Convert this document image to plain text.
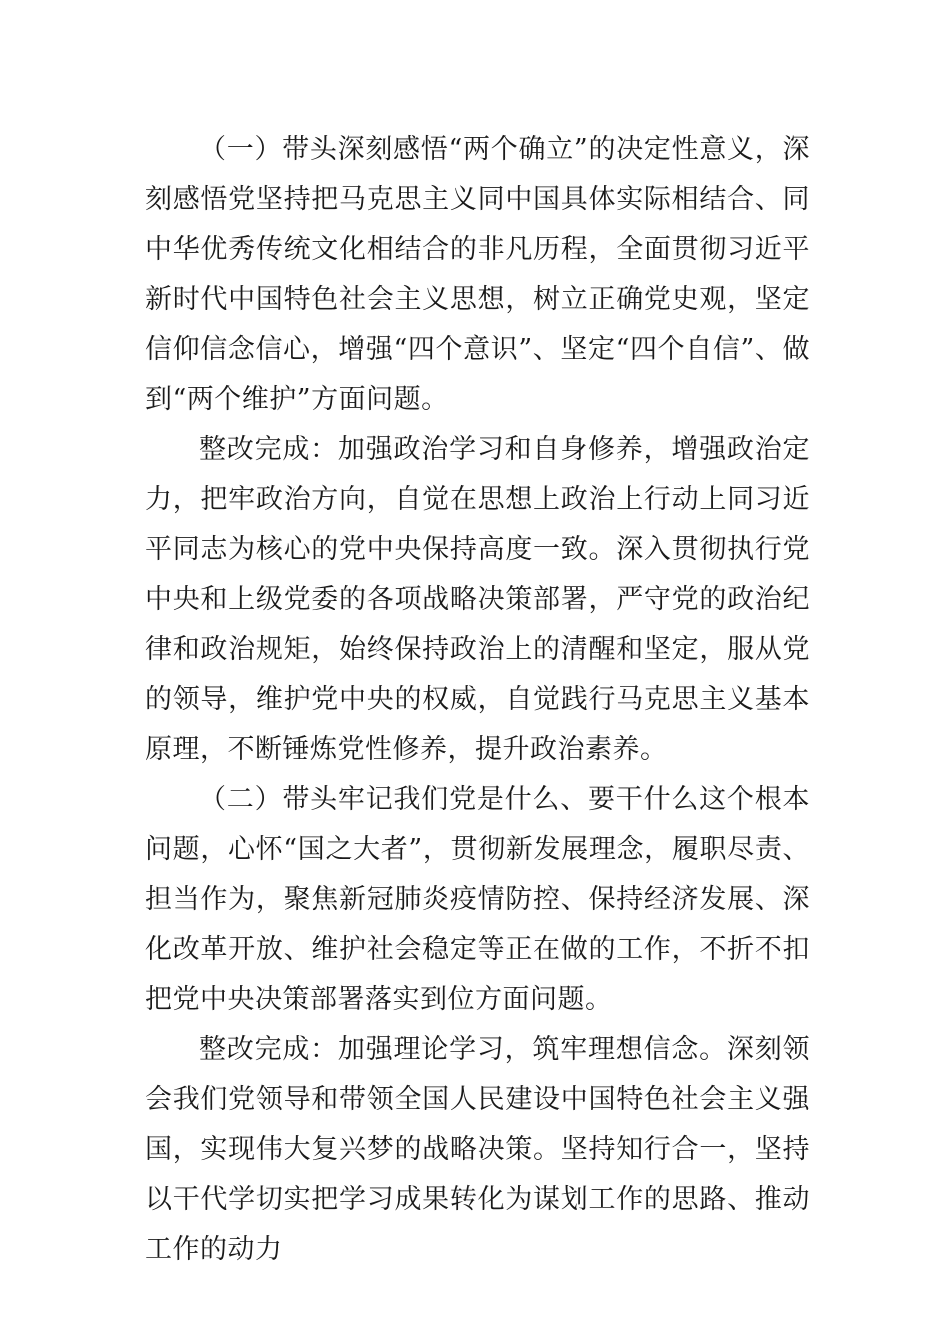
（一）带头深刻感悟“两个确立”的决定性意义，深刻感悟党坚持把马克思主义同中国具体实际相结合、同中华优秀传统文化相结合的非凡历程，全面贯彻习近平新时代中国特色社会主义思想，树立正确党史观，坚定信仰信念信心，增强“四个意识”、坚定“四个自信”、做到“两个维护”方面问题。

整改完成：加强政治学习和自身修养，增强政治定力，把牢政治方向，自觉在思想上政治上行动上同习近平同志为核心的党中央保持高度一致。深入贯彻执行党中央和上级党委的各项战略决策部署，严守党的政治纪律和政治规矩，始终保持政治上的清醒和坚定，服从党的领导，维护党中央的权威，自觉践行马克思主义基本原理，不断锤炼党性修养，提升政治素养。

（二）带头牢记我们党是什么、要干什么这个根本问题，心怀“国之大者”，贯彻新发展理念，履职尽责、担当作为，聚焦新冠肺炎疫情防控、保持经济发展、深化改革开放、维护社会稳定等正在做的工作，不折不扣把党中央决策部署落实到位方面问题。

整改完成：加强理论学习，筑牢理想信念。深刻领会我们党领导和带领全国人民建设中国特色社会主义强国，实现伟大复兴梦的战略决策。坚持知行合一，坚持以干代学切实把学习成果转化为谋划工作的思路、推动工作的动力
